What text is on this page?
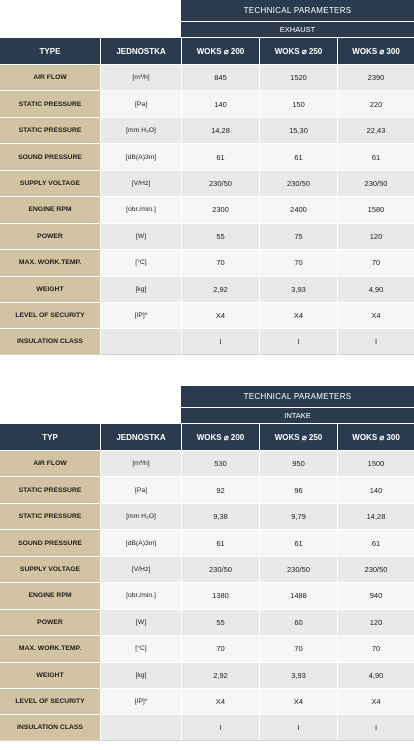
		TECHNICAL PARAMETERS		
		EXHAUST		
TYPE	JEDNOSTKA	WOKS ⌀ 200	WOKS ⌀ 250	WOKS ⌀ 300
AIR FLOW	[m³/h]	845	1520	2390
STATIC PRESSURE	[Pa]	140	150	220
STATIC PRESSURE	[mm H₂O]	14,28	15,30	22,43
SOUND PRESSURE	[dB(A)3m]	61	61	61
SUPPLY VOLTAGE	[V/Hz]	230/50	230/50	230/50
ENGINE RPM	[obr./min.]	2300	2400	1580
POWER	[W]	55	75	120
MAX. WORK.TEMP.	[°C]	70	70	70
WEIGHT	[kg]	2,92	3,93	4,90
LEVEL OF SECURITY	[IP]*	X4	X4	X4
INSULATION CLASS		I	I	I
		TECHNICAL PARAMETERS		
		INTAKE		
TYP	JEDNOSTKA	WOKS ⌀ 200	WOKS ⌀ 250	WOKS ⌀ 300
AIR FLOW	[m³/h]	530	950	1500
STATIC PRESSURE	[Pa]	92	96	140
STATIC PRESSURE	[mm H₂O]	9,38	9,79	14,28
SOUND PRESSURE	[dB(A)3m]	61	61	61
SUPPLY VOLTAGE	[V/Hz]	230/50	230/50	230/50
ENGINE RPM	[obr./min.]	1380	1488	940
POWER	[W]	55	60	120
MAX. WORK.TEMP.	[°C]	70	70	70
WEIGHT	[kg]	2,92	3,93	4,90
LEVEL OF SECURITY	[IP]*	X4	X4	X4
INSULATION CLASS		I	I	I
